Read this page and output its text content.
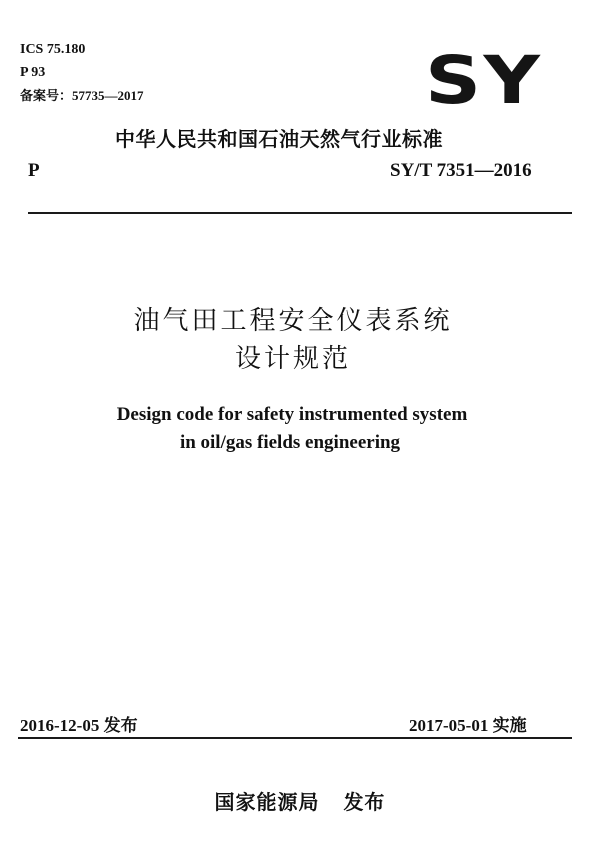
ICS 75.180
P 93
备案号：57735—2017	SY
中华人民共和国石油天然气行业标准
P	SY/T 7351—2016
油气田工程安全仪表系统
设计规范
Design code for safety instrumented system
in oil/gas fields engineering
2016-12-05 发布	2017-05-01 实施
国家能源局 发布
